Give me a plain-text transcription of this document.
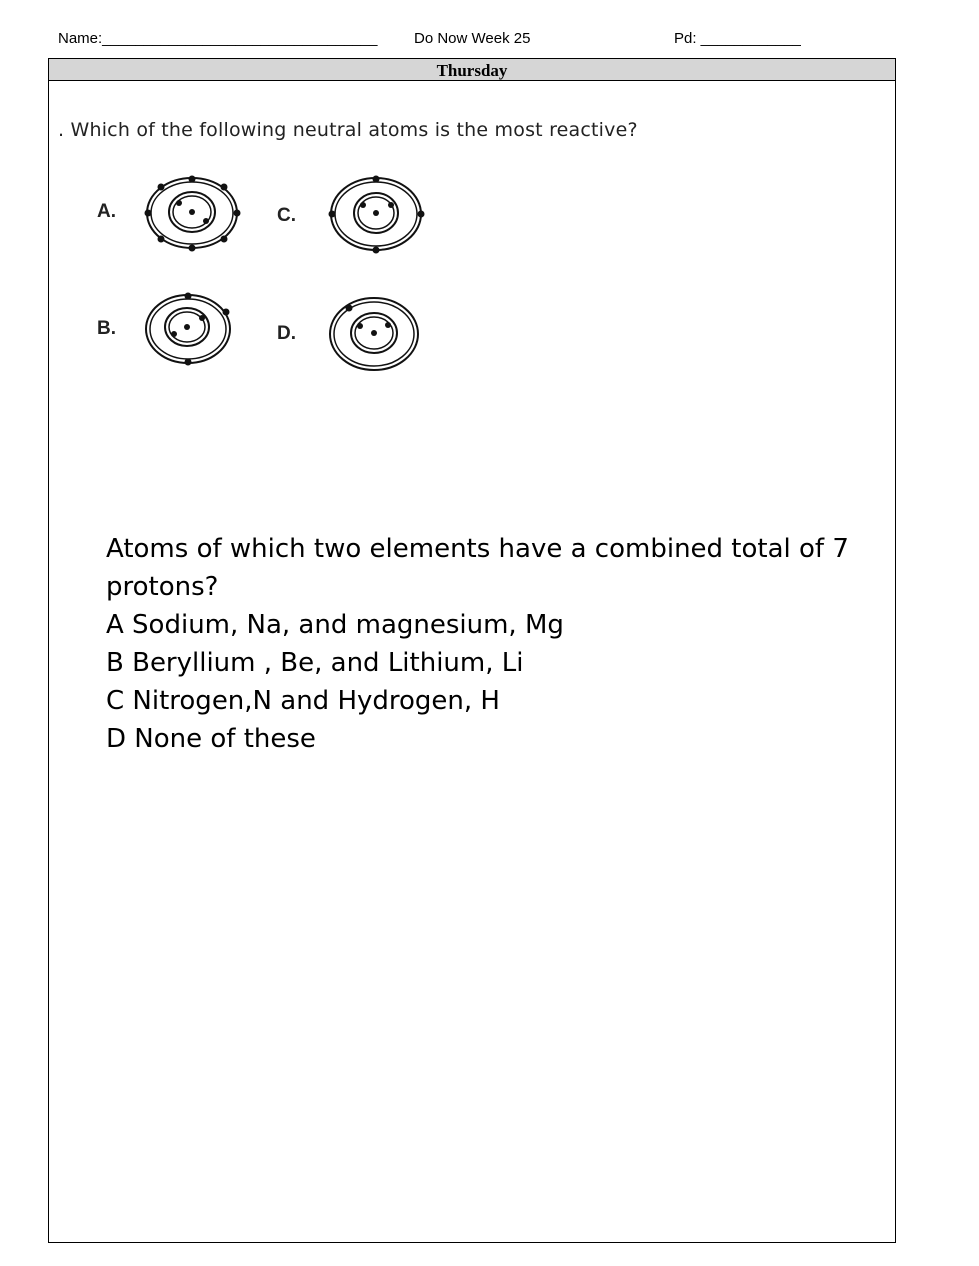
Name:_________________________________ Do Now Week 25	Pd: ____________
Thursday
. Which of the following neutral atoms is the most reactive?
A.	C.
B.	D.
Atoms of which two elements have a combined total of 7
protons?
A Sodium, Na, and magnesium, Mg
B Beryllium , Be, and Lithium, Li
C Nitrogen,N and Hydrogen, H
D None of these
